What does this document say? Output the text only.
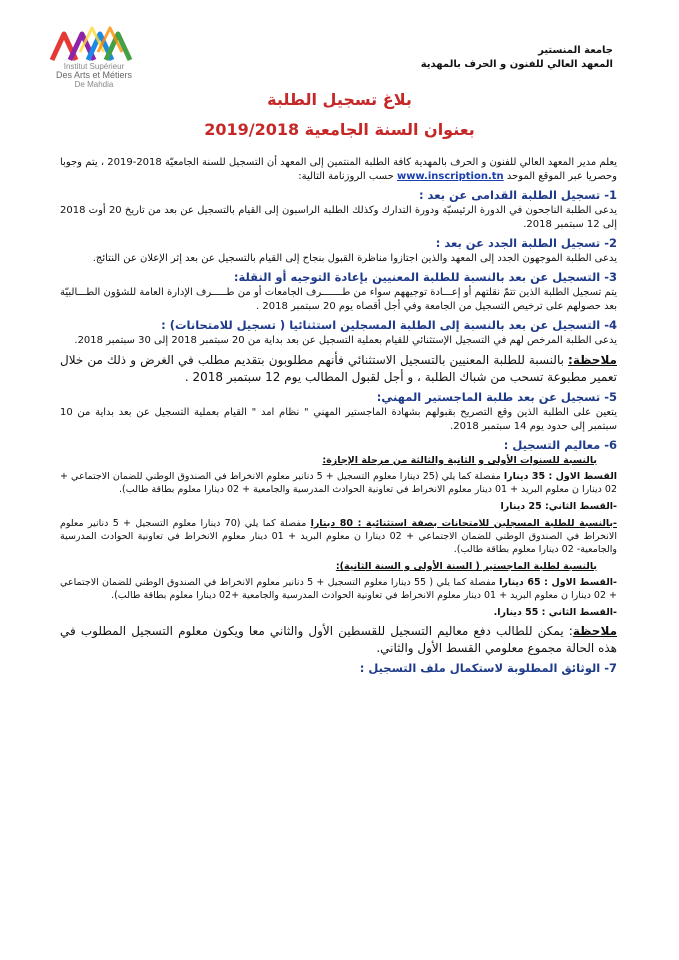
Institut Supérieur
Des Arts et Métiers
De Mahdia
جامعة المنستير
المعهد العالي للفنون و الحرف بالمهدية
بلاغ تسجيل الطلبة
بعنوان السنة الجامعية 2019/2018

يعلم مدير المعهد العالي للفنون و الحرف بالمهدية كافة الطلبة المنتمين إلى المعهد أن التسجيل للسنة الجامعيّة 2018-2019 ، يتم وجوبا وحصريا عبر الموقع الموحد www.inscription.tn حسب الروزنامة التالية:

1- تسجيل الطلبة القدامى عن بعد :

يدعى الطلبة الناجحون في الدورة الرئيسيّة ودورة التدارك وكذلك الطلبة الراسبون إلى القيام بالتسجيل عن بعد من تاريخ 20 أوت 2018 إلى 12 سبتمبر 2018.

2- تسجيل الطلبة الجدد عن بعد :

يدعى الطلبة الموجهون الجدد إلى المعهد والذين اجتازوا مناظرة القبول بنجاح إلى القيام بالتسجيل عن بعد إثر الإعلان عن النتائج.

3- التسجيل عن بعد بالنسبة للطلبة المعنيين بإعادة التوجيه أو النقلة:

يتم تسجيل الطلبة الذين تتمّ نقلتهم أو إعـــادة توجيههم سواء من طـــــــرف الجامعات أو من طـــــرف الإدارة العامة للشؤون الطـــالبيّة بعد حصولهم على ترخيص التسجيل من الجامعة وفي أجل أقصاه يوم 20 سبتمبر 2018 .

4- التسجيل عن بعد بالنسبة إلى الطلبة المسجلين استثنائيا ( تسجيل للامتحانات) :

يدعى الطلبة المرخص لهم في التسجيل الإستثنائي للقيام بعملية التسجيل عن بعد بداية من 20 سبتمبر 2018 إلى 30 سبتمبر 2018.

ملاحظة: بالنسبة للطلبة المعنيين بالتسجيل الاستثنائي فأنهم مطلوبون بتقديم مطلب في الغرض و ذلك من خلال تعمير مطبوعة تسحب من شباك الطلبة ، و أجل لقبول المطالب يوم 12 سبتمبر 2018 .

5- تسجيل عن بعد طلبة الماجستير المهني:

يتعين على الطلبة الذين وقع التصريح بقبولهم بشهادة الماجستير المهني " نظام امد " القيام بعملية التسجيل عن بعد بداية من 10 سبتمبر إلى حدود يوم 14 سبتمبر 2018.

6- معاليم التسجيل :
بالنسبة للسنوات الأولى و الثانية والثالثة من مرحلة الإجازة:

القسط الاول : 35 دينارا مفصلة كما يلي (25 دينارا معلوم التسجيل + 5 دنانير معلوم الانخراط في الصندوق الوطني للضمان الاجتماعي + 02 دينارا ن معلوم البريد + 01 دينار معلوم الانخراط في تعاونية الحوادث المدرسية والجامعية + 02 دينارا معلوم بطاقة طالب).

-القسط الثاني: 25 دينارا

-بالنسبة للطلبة المسجلين للامتحانات بصفة استثنائية : 80 دينارا مفصلة كما يلي (70 دينارا معلوم التسجيل + 5 دنانير معلوم الانخراط في الصندوق الوطني للضمان الاجتماعي + 02 دينارا ن معلوم البريد + 01 دينار معلوم الانخراط في تعاونية الحوادث المدرسية والجامعية- 02 دينارا معلوم بطاقة طالب).

بالنسبة لطلبة الماجستير ( السنة الأولى و السنة الثانية):

-القسط الاول : 65 دينارا مفصلة كما يلي ( 55 دينارا معلوم التسجيل + 5 دنانير معلوم الانخراط في الصندوق الوطني للضمان الاجتماعي + 02 دينارا ن معلوم البريد + 01 دينار معلوم الانخراط في تعاونية الحوادث المدرسية والجامعية +02 دينارا معلوم بطاقة طالب).

-القسط الثاني : 55 دينارا.

ملاحظة: يمكن للطالب دفع معاليم التسجيل للقسطين الأول والثاني معا ويكون معلوم التسجيل المطلوب في هذه الحالة مجموع معلومي القسط الأول والثاني.

7- الوثائق المطلوبة لاستكمال ملف التسجيل :
